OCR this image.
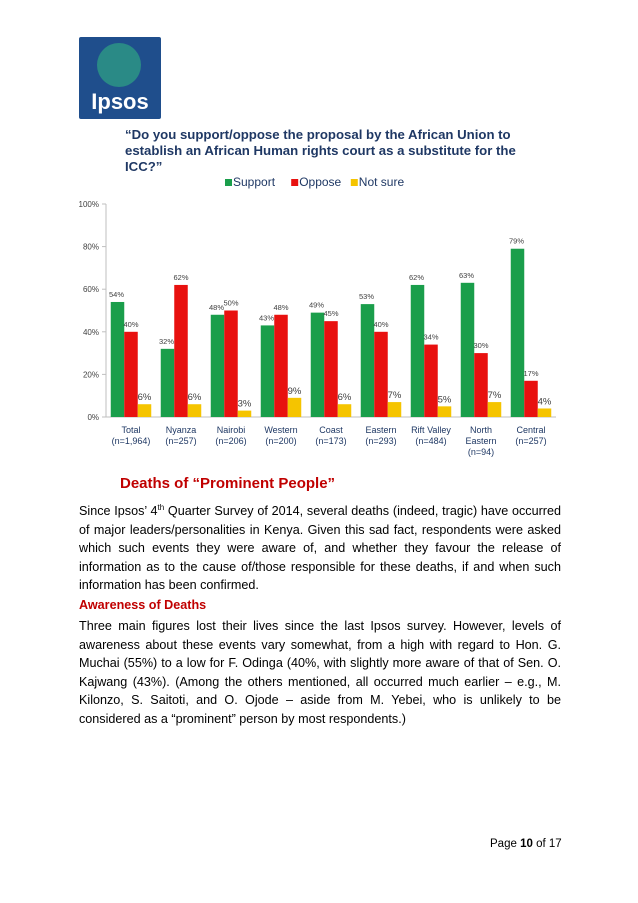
Ipsos
“Do you support/oppose the proposal by the African Union to establish an African Human rights court as a substitute for the ICC?”
0%
20%
40%
60%
80%
100%
Support Oppose Not sure
54%
40%
6%
Total
(n=1,964)
32%
62%
6%
Nyanza
(n=257)
48% 50%
3%
Nairobi
(n=206)
43%
48%
9%
Western
(n=200)
49%
45%
6%
Coast
(n=173)
53%
40%
7%
Eastern
(n=293)
62%
34%
5%
Rift Valley
(n=484)
63%
30%
7%
North
Eastern
(n=94)
79%
17%
4%
Central
(n=257)
Deaths of “Prominent People”
Since Ipsos’ 4th Quarter Survey of 2014, several deaths (indeed, tragic) have occurred of major leaders/personalities in Kenya. Given this sad fact, respondents were asked which such events they were aware of, and whether they favour the release of information as to the cause of/those responsible for these deaths, if and when such information has been confirmed.
Awareness of Deaths
Three main figures lost their lives since the last Ipsos survey. However, levels of awareness about these events vary somewhat, from a high with regard to Hon. G. Muchai (55%) to a low for F. Odinga (40%, with slightly more aware of that of Sen. O. Kajwang (43%). (Among the others mentioned, all occurred much earlier – e.g., M. Kilonzo, S. Saitoti, and O. Ojode – aside from M. Yebei, who is unlikely to be considered as a “prominent” person by most respondents.)
Page 10 of 17
